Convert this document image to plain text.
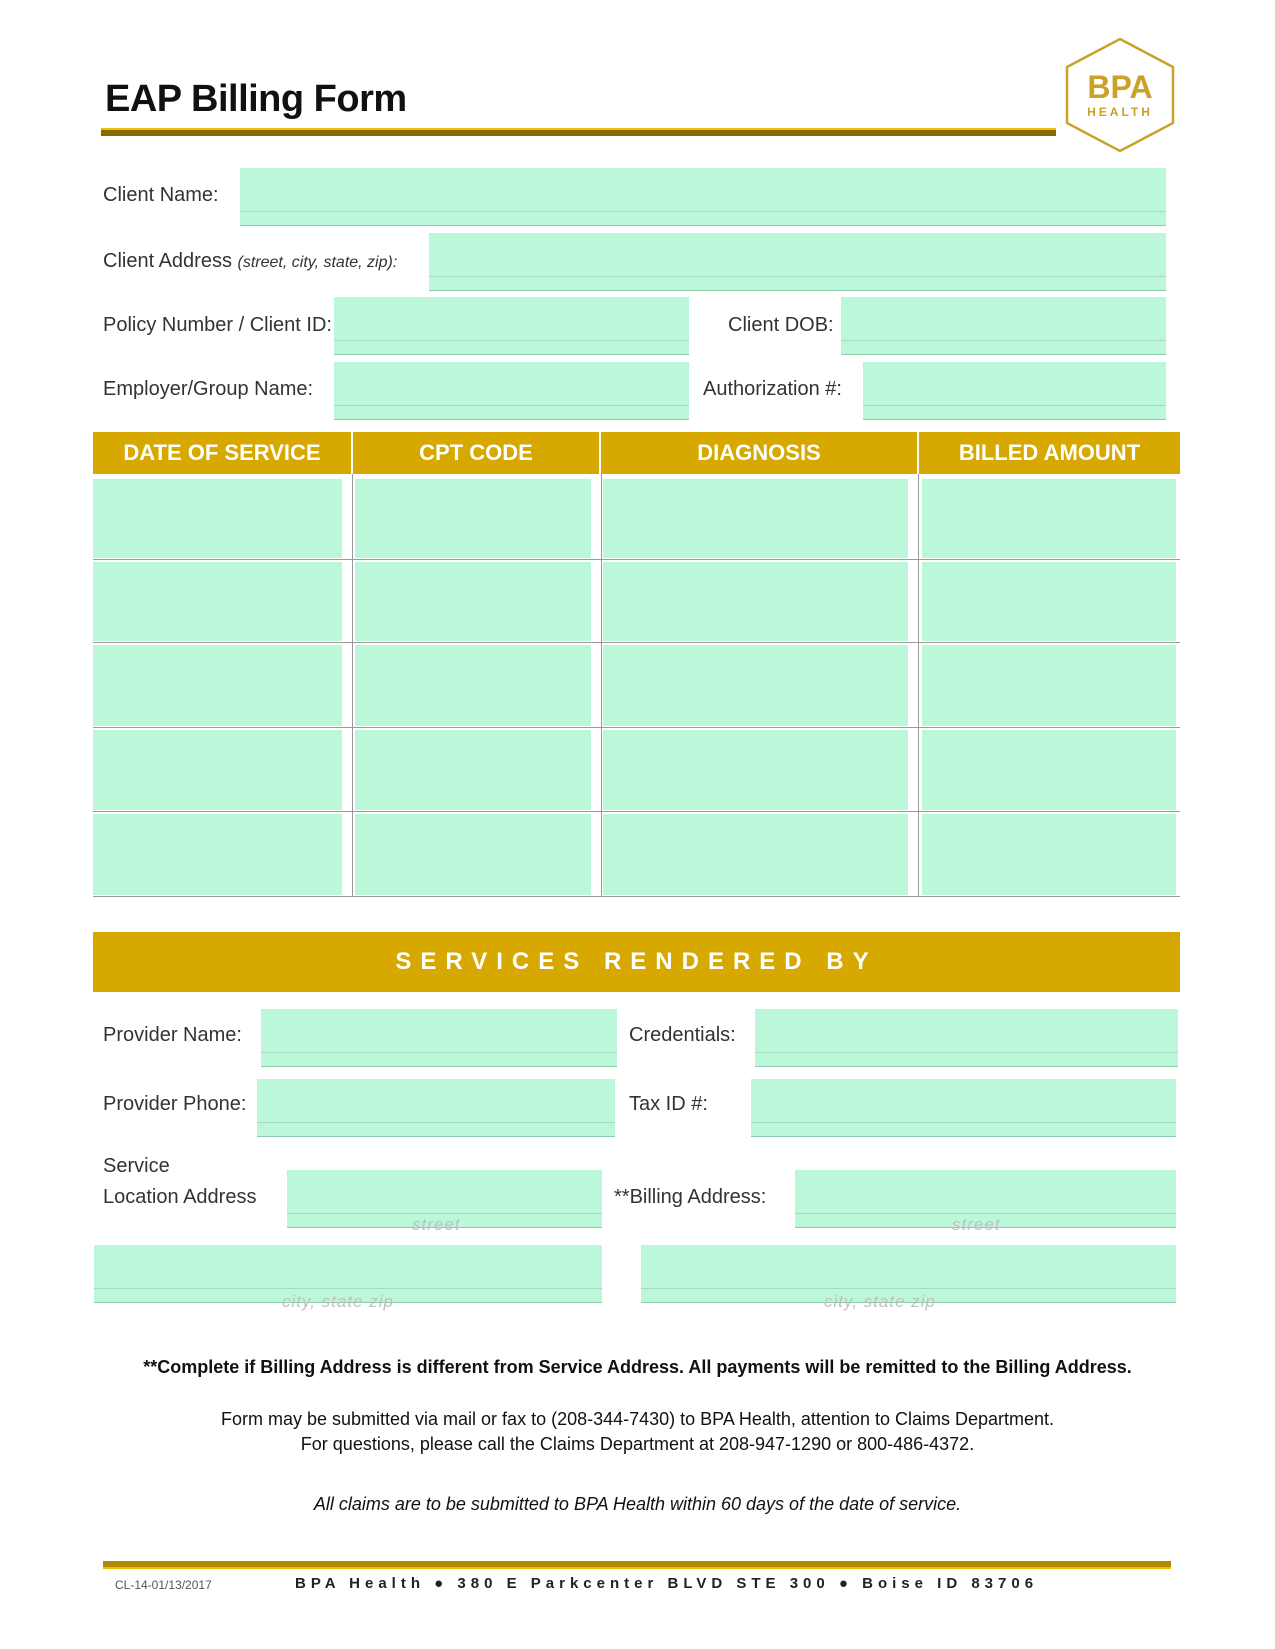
EAP Billing Form	BPA
HEALTH
Client Name:
Client Address (street, city, state, zip):
Policy Number / Client ID:	Client DOB:
Employer/Group Name:	Authorization #:
DATE OF SERVICE	CPT CODE	DIAGNOSIS	BILLED AMOUNT
SERVICES RENDERED BY
Provider Name:	Credentials:
Provider Phone:	Tax ID #:
Service
Location Address
street
**Billing Address:
street
city, state zip	city, state zip
**Complete if Billing Address is different from Service Address. All payments will be remitted to the Billing Address.
Form may be submitted via mail or fax to (208-344-7430) to BPA Health, attention to Claims Department.
For questions, please call the Claims Department at 208-947-1290 or 800-486-4372.
All claims are to be submitted to BPA Health within 60 days of the date of service.
CL-14-01/13/2017	BPA Health ● 380 E Parkcenter BLVD STE 300 ● Boise ID 83706
